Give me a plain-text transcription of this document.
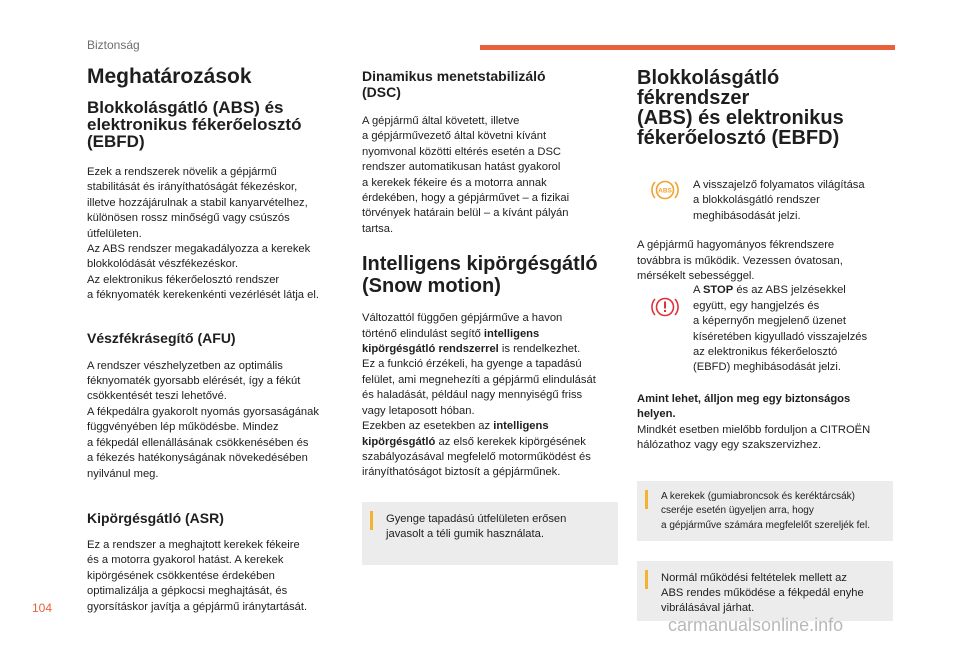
Biztonság
Meghatározások
Blokkolásgátló (ABS) és
elektronikus fékerőelosztó
(EBFD)

Ezek a rendszerek növelik a gépjármű
stabilitását és irányíthatóságát fékezéskor,
illetve hozzájárulnak a stabil kanyarvételhez,
különösen rossz minőségű vagy csúszós
útfelületen.
Az ABS rendszer megakadályozza a kerekek
blokkolódását vészfékezéskor.
Az elektronikus fékerőelosztó rendszer
a féknyomaték kerekenkénti vezérlését látja el.

Vészfékrásegítő (AFU)

A rendszer vészhelyzetben az optimális
féknyomaték gyorsabb elérését, így a fékút
csökkentését teszi lehetővé.
A fékpedálra gyakorolt nyomás gyorsaságának
függvényében lép működésbe. Mindez
a fékpedál ellenállásának csökkenésében és
a fékezés hatékonyságának növekedésében
nyilvánul meg.

Kipörgésgátló (ASR)

Ez a rendszer a meghajtott kerekek fékeire
és a motorra gyakorol hatást. A kerekek
kipörgésének csökkentése érdekében
optimalizálja a gépkocsi meghajtását, és
gyorsításkor javítja a gépjármű iránytartását.

Dinamikus menetstabilizáló
(DSC)

A gépjármű által követett, illetve
a gépjárművezető által követni kívánt
nyomvonal közötti eltérés esetén a DSC
rendszer automatikusan hatást gyakorol
a kerekek fékeire és a motorra annak
érdekében, hogy a gépjárművet – a fizikai
törvények határain belül – a kívánt pályán
tartsa.

Intelligens kipörgésgátló
(Snow motion)

Változattól függően gépjárműve a havon
történő elindulást segítő intelligens
kipörgésgátló rendszerrel is rendelkezhet.
Ez a funkció érzékeli, ha gyenge a tapadású
felület, ami megnehezíti a gépjármű elindulását
és haladását, például nagy mennyiségű friss
vagy letaposott hóban.
Ezekben az esetekben az intelligens
kipörgésgátló az első kerekek kipörgésének
szabályozásával megfelelő motorműködést és
irányíthatóságot biztosít a gépjárműnek.

Gyenge tapadású útfelületen erősen
javasolt a téli gumik használata.
Blokkolásgátló fékrendszer
(ABS) és elektronikus
fékerőelosztó (EBFD)
ABS A visszajelző folyamatos világítása
a blokkolásgátló rendszer
meghibásodását jelzi.

A gépjármű hagyományos fékrendszere
továbbra is működik. Vezessen óvatosan,
mérsékelt sebességgel.

A STOP és az ABS jelzésekkel
együtt, egy hangjelzés és
a képernyőn megjelenő üzenet
kíséretében kigyulladó visszajelzés
az elektronikus fékerőelosztó
(EBFD) meghibásodását jelzi.

Amint lehet, álljon meg egy biztonságos
helyen.
Mindkét esetben mielőbb forduljon a CITROËN
hálózathoz vagy egy szakszervizhez.

A kerekek (gumiabroncsok és keréktárcsák)
cseréje esetén ügyeljen arra, hogy
a gépjárműve számára megfelelőt szereljék fel.
Normál működési feltételek mellett az
ABS rendes működése a fékpedál enyhe
vibrálásával járhat.
104
carmanualsonline.info
